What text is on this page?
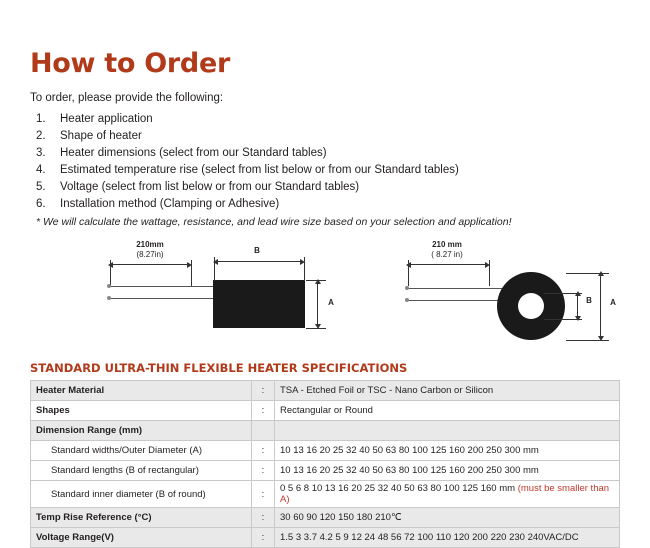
How to Order
To order, please provide the following:
1. Heater application
2. Shape of heater
3. Heater dimensions (select from our Standard tables)
4. Estimated temperature rise (select from list below or from our Standard tables)
5. Voltage (select from list below or from our Standard tables)
6. Installation method (Clamping or Adhesive)
* We will calculate the wattage, resistance, and lead wire size based on your selection and application!
210mm
(8.27in)	B
A
210 mm
( 8.27 in)
B	A
STANDARD ULTRA-THIN FLEXIBLE HEATER SPECIFICATIONS
Heater Material	:	TSA - Etched Foil or TSC - Nano Carbon or Silicon
Shapes	:	Rectangular or Round
Dimension Range (mm)		
Standard widths/Outer Diameter (A)	:	10 13 16 20 25 32 40 50 63 80 100 125 160 200 250 300 mm
Standard lengths (B of rectangular)	:	10 13 16 20 25 32 40 50 63 80 100 125 160 200 250 300 mm
Standard inner diameter (B of round)	:	0 5 6 8 10 13 16 20 25 32 40 50 63 80 100 125 160 mm (must be smaller than A)
Temp Rise Reference (°C)	:	30 60 90 120 150 180 210℃
Voltage Range(V)	:	1.5 3 3.7 4.2 5 9 12 24 48 56 72 100 110 120 200 220 230 240VAC/DC
